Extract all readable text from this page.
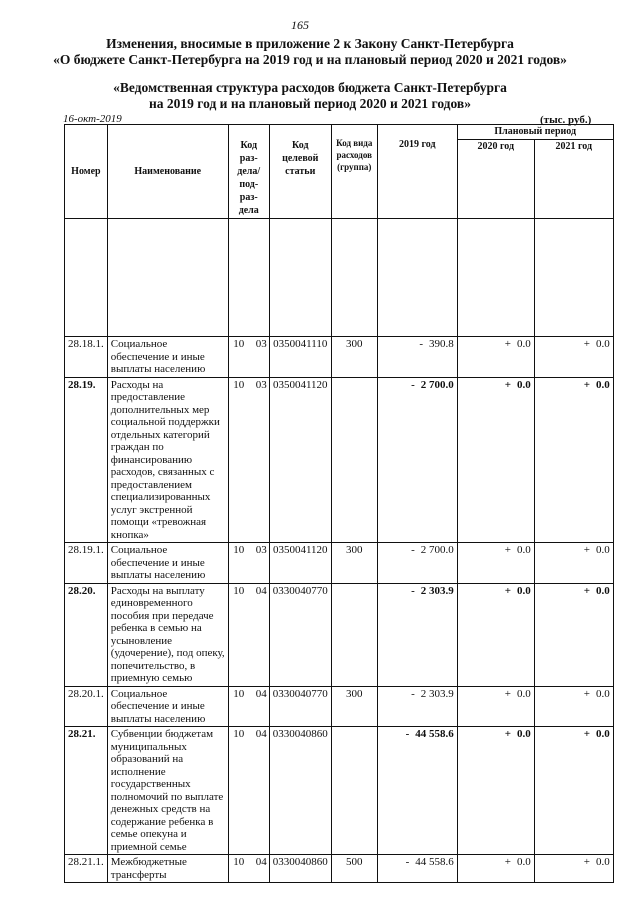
165
Изменения, вносимые в приложение 2 к Закону Санкт-Петербурга
«О бюджете Санкт-Петербурга на 2019 год и на плановый период 2020 и 2021 годов»
«Ведомственная структура расходов бюджета Санкт-Петербурга
на 2019 год и на плановый период 2020 и 2021 годов»
16-окт-2019	(тыс. руб.)
Номер	Наименование	Код раз- дела/ под- раз- дела	Код целевой статьи	Код вида расходов (группа)	2019 год	Плановый период	
						2020 год	2021 год

28.18.1.	Социальное обеспечение и иные выплаты населению	10 03	0350041110	300	- 390.8	+ 0.0	+ 0.0
28.19.	Расходы на предоставление дополнительных мер социальной поддержки отдельных категорий граждан по финансированию расходов, связанных с предоставлением специализированных услуг экстренной помощи «тревожная кнопка»	10 03	0350041120		- 2 700.0	+ 0.0	+ 0.0
28.19.1.	Социальное обеспечение и иные выплаты населению	10 03	0350041120	300	- 2 700.0	+ 0.0	+ 0.0
28.20.	Расходы на выплату единовременного пособия при передаче ребенка в семью на усыновление (удочерение), под опеку, попечительство, в приемную семью	10 04	0330040770		- 2 303.9	+ 0.0	+ 0.0
28.20.1.	Социальное обеспечение и иные выплаты населению	10 04	0330040770	300	- 2 303.9	+ 0.0	+ 0.0
28.21.	Субвенции бюджетам муниципальных образований на исполнение государственных полномочий по выплате денежных средств на содержание ребенка в семье опекуна и приемной семье	10 04	0330040860		- 44 558.6	+ 0.0	+ 0.0
28.21.1.	Межбюджетные трансферты	10 04	0330040860	500	- 44 558.6	+ 0.0	+ 0.0
